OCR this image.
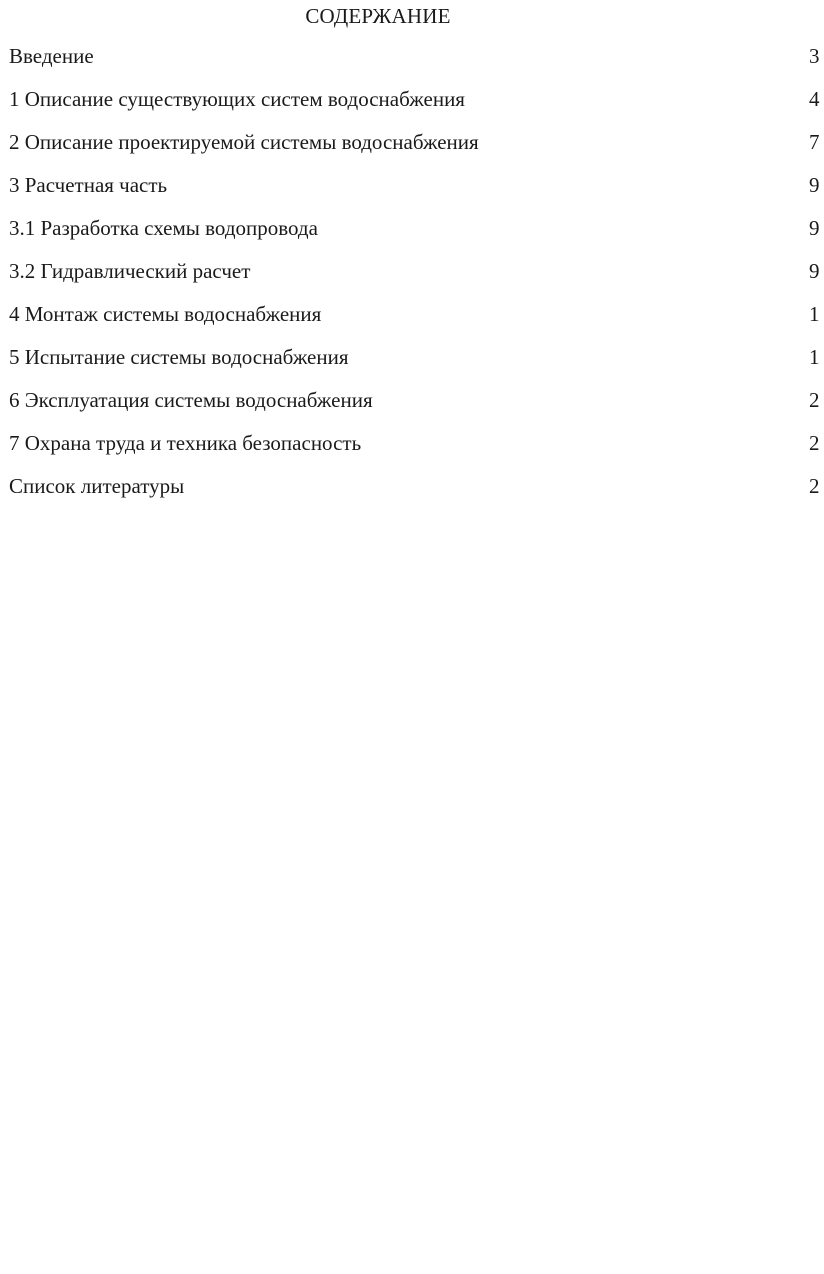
СОДЕРЖАНИЕ
Введение	3
1 Описание существующих систем водоснабжения	4
2 Описание проектируемой системы водоснабжения	7
3 Расчетная часть	9
3.1 Разработка схемы водопровода	9
3.2 Гидравлический расчет	9
4 Монтаж системы водоснабжения	1
5 Испытание системы водоснабжения	1
6 Эксплуатация системы водоснабжения	2
7 Охрана труда и техника безопасность	2
Список литературы	2
